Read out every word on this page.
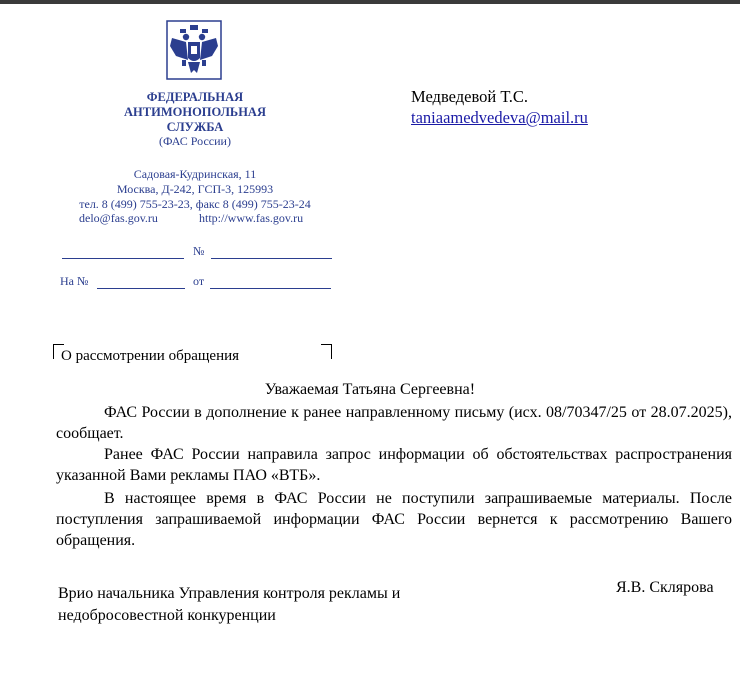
ФЕДЕРАЛЬНАЯ
АНТИМОНОПОЛЬНАЯ
СЛУЖБА
(ФАС России)
Садовая-Кудринская, 11
Москва, Д-242, ГСП-3, 125993
тел. 8 (499) 755-23-23, факс 8 (499) 755-23-24
delo@fas.gov.ru	http://www.fas.gov.ru
№
На №	от
Медведевой Т.С.
taniaamedvedeva@mail.ru
О рассмотрении обращения
Уважаемая Татьяна Сергеевна!

ФАС России в дополнение к ранее направленному письму (исх. 08/70347/25 от 28.07.2025), сообщает.

Ранее ФАС России направила запрос информации об обстоятельствах распространения указанной Вами рекламы ПАО «ВТБ».

В настоящее время в ФАС России не поступили запрашиваемые материалы. После поступления запрашиваемой информации ФАС России вернется к рассмотрению Вашего обращения.

Врио начальника Управления контроля рекламы и
недобросовестной конкуренции
Я.В. Склярова
